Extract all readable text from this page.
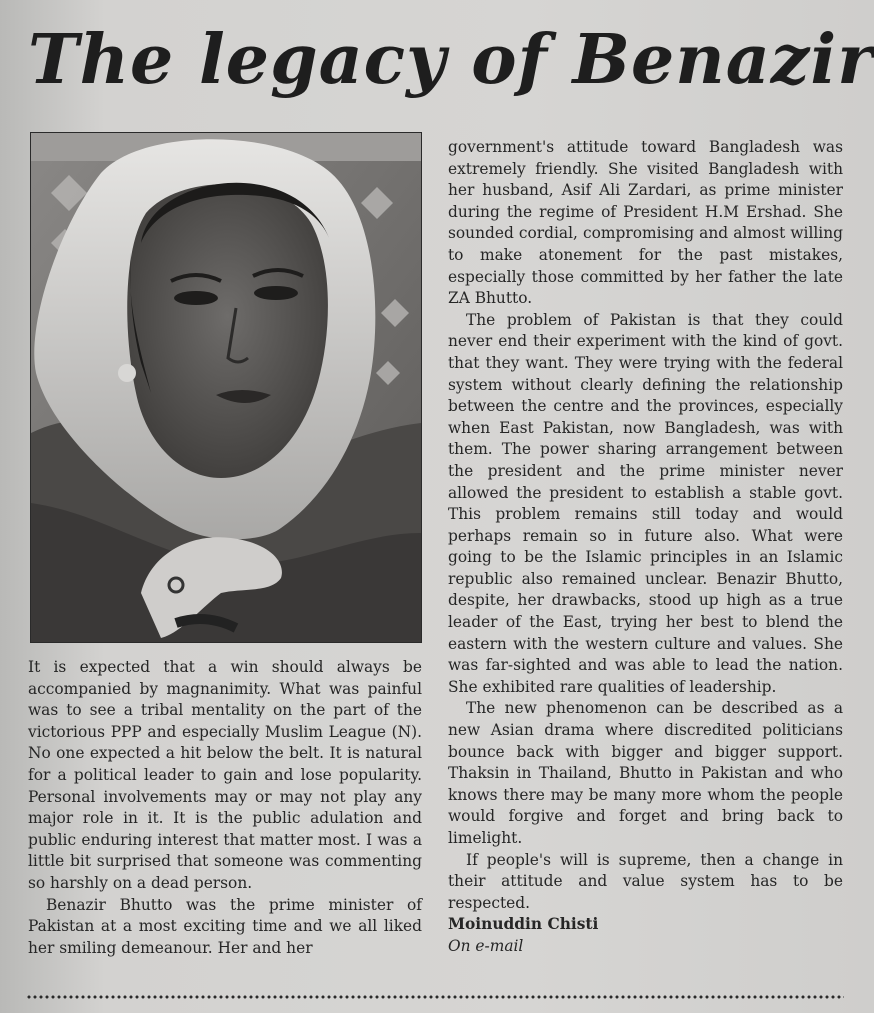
The legacy of Benazir

It is expected that a win should always be accompanied by magnanimity. What was painful was to see a tribal mentality on the part of the victorious PPP and especially Muslim League (N). No one expected a hit below the belt. It is natural for a political leader to gain and lose popularity. Personal involvements may or may not play any major role in it. It is the public adulation and public enduring interest that matter most. I was a little bit surprised that someone was commenting so harshly on a dead person.

Benazir Bhutto was the prime minister of Pakistan at a most exciting time and we all liked her smiling demeanour. Her and her

government's attitude toward Bangladesh was extremely friendly. She visited Bangladesh with her husband, Asif Ali Zardari, as prime minister during the regime of President H.M Ershad. She sounded cordial, compromising and almost willing to make atonement for the past mistakes, especially those committed by her father the late ZA Bhutto.

The problem of Pakistan is that they could never end their experiment with the kind of govt. that they want. They were trying with the federal system without clearly defining the relationship between the centre and the provinces, especially when East Pakistan, now Bangladesh, was with them. The power sharing arrangement between the president and the prime minister never allowed the president to establish a stable govt. This problem remains still today and would perhaps remain so in future also. What were going to be the Islamic principles in an Islamic republic also remained unclear. Benazir Bhutto, despite, her drawbacks, stood up high as a true leader of the East, trying her best to blend the eastern with the western culture and values. She was far-sighted and was able to lead the nation. She exhibited rare qualities of leadership.

The new phenomenon can be described as a new Asian drama where discredited politicians bounce back with bigger and bigger support. Thaksin in Thailand, Bhutto in Pakistan and who knows there may be many more whom the people would forgive and forget and bring back to limelight.

If people's will is supreme, then a change in their attitude and value system has to be respected.

Moinuddin Chisti

On e-mail
